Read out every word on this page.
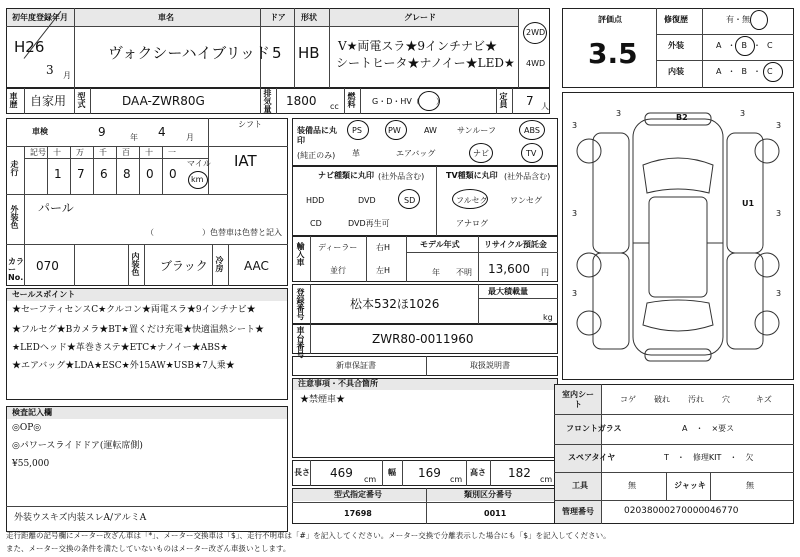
初年度登録年月
H26
3 月
車名
ヴォクシーハイブリッド
ドア
5
形状
HB
グレード
V★両電スラ★9インチナビ★
シートヒータ★ナノイー★LED★
2WD
4WD
車歴 自家用 型式	DAA-ZWR80G	排気量 1800 cc 燃料 G・D・HV（　　）	定員 7 人
車検	9	年 4	月
シフト
IAT
走行
記号 十
1
万
7
千
6
百
8
十
0
一
0
マイル
km
外装色 パール
（　　　　　　）色替車は色替と記入
カラーNo.
070	内装色 ブラック 冷房 AAC
セールスポイント
★セーフティセンスC★クルコン★両電スラ★9インチナビ★
★フルセグ★Bカメラ★BT★置くだけ充電★快適温熱シート★
★LEDヘッド★革巻きステ★ETC★ナノイー★ABS★
★エアバッグ★LDA★ESC★外15AW★USB★7人乗★
検査記入欄
◎OP◎
◎パワースライドドア(運転席側)
¥55,000
外装ウスキズ内装スレA/アルミA
装備品に丸印
(純正のみ)
PS	PW	AW	サンルーフ	ABS
革	エアバッグ	ナビ	TV
ナビ種類に丸印 (社外品含む)
HDD	DVD	SD
CD	DVD再生可
TV種類に丸印 (社外品含む)
フルセグ	ワンセグ
アナログ
輸入車 ディーラー
並行
右H
左H
モデル年式
年 不明
リサイクル預託金
13,600 円
登録番号	松本532ほ1026
最大積載量
kg
車台番号	ZWR80-0011960
新車保証書	取扱説明書
注意事項・不具合箇所
★禁煙車★
長さ 469 cm
幅 169 cm
高さ 182 cm
型式指定番号
17698
類別区分番号
0011
評価点
3.5
修復歴	有・無
外装	A・B・C
内装	A・B・C
3	3
3	3
3	3
3	3
B2
U1
室内シート
コゲ 破れ 汚れ 穴	キズ
フロントガラス	A　・　×要ス
スペアタイヤ	T　・　修理KIT　・　欠
工具	無	ジャッキ	無
管理番号	02038000270000046770
走行距離の記号欄にメーター改ざん車は「*」、メーター交換車は「$」、走行不明車は「#」を記入してください。メーター交換で分離表示した場合にも「$」を記入してください。
また、メーター交換の条件を満たしていないものはメーター改ざん車扱いとします。
